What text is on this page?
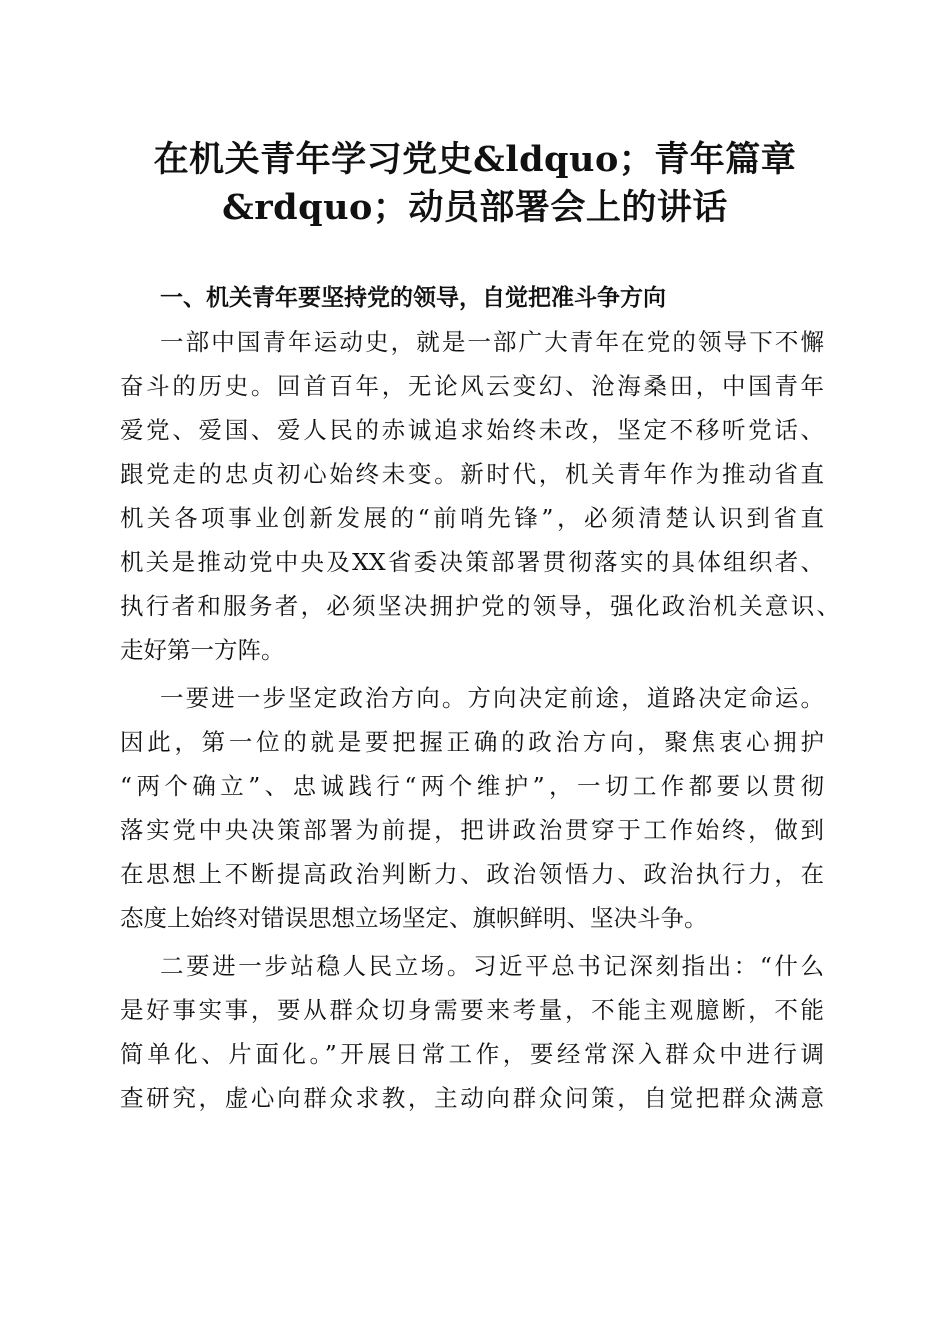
在机关青年学习党史&ldquo；青年篇章
&rdquo；动员部署会上的讲话
一、机关青年要坚持党的领导，自觉把准斗争方向

一部中国青年运动史，就是一部广大青年在党的领导下不懈

奋斗的历史。回首百年，无论风云变幻、沧海桑田，中国青年

爱党、爱国、爱人民的赤诚追求始终未改，坚定不移听党话、

跟党走的忠贞初心始终未变。新时代，机关青年作为推动省直

机关各项事业创新发展的“前哨先锋”，必须清楚认识到省直

机关是推动党中央及XX省委决策部署贯彻落实的具体组织者、

执行者和服务者，必须坚决拥护党的领导，强化政治机关意识、

走好第一方阵。

一要进一步坚定政治方向。方向决定前途，道路决定命运。

因此，第一位的就是要把握正确的政治方向，聚焦衷心拥护

“两个确立”、忠诚践行“两个维护”，一切工作都要以贯彻

落实党中央决策部署为前提，把讲政治贯穿于工作始终，做到

在思想上不断提高政治判断力、政治领悟力、政治执行力，在

态度上始终对错误思想立场坚定、旗帜鲜明、坚决斗争。

二要进一步站稳人民立场。习近平总书记深刻指出：“什么

是好事实事，要从群众切身需要来考量，不能主观臆断，不能

简单化、片面化。”开展日常工作，要经常深入群众中进行调

查研究，虚心向群众求教，主动向群众问策，自觉把群众满意
